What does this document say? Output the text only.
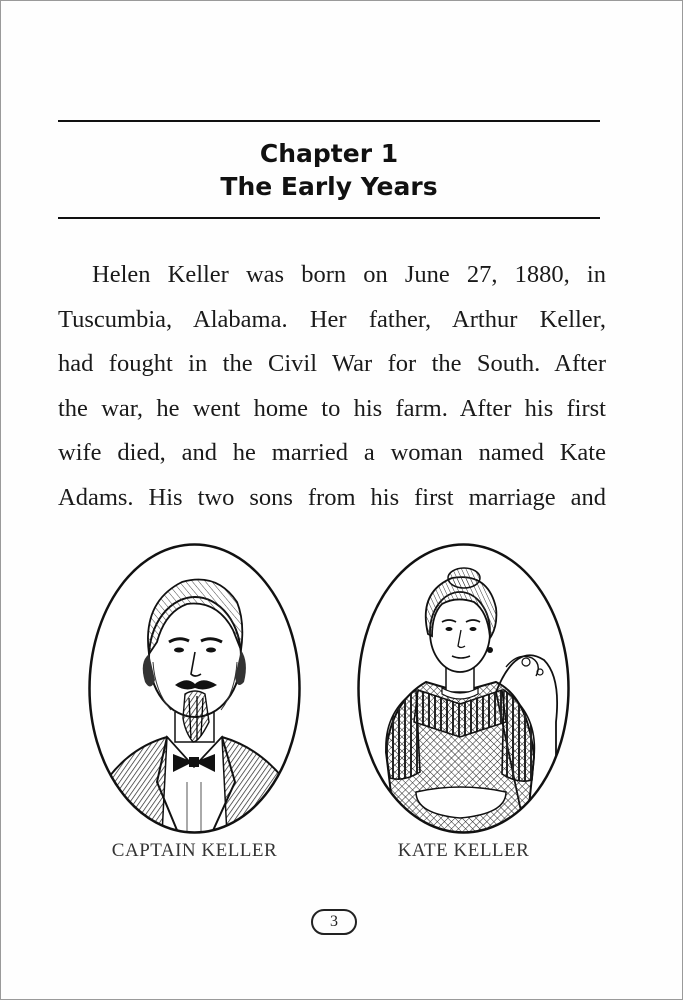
Chapter 1
The Early Years
Helen Keller was born on June 27, 1880, in
Tuscumbia, Alabama. Her father, Arthur Keller,
had fought in the Civil War for the South. After
the war, he went home to his farm. After his first
wife died, and he married a woman named Kate
Adams. His two sons from his first marriage and
CAPTAIN KELLER	KATE KELLER
3
